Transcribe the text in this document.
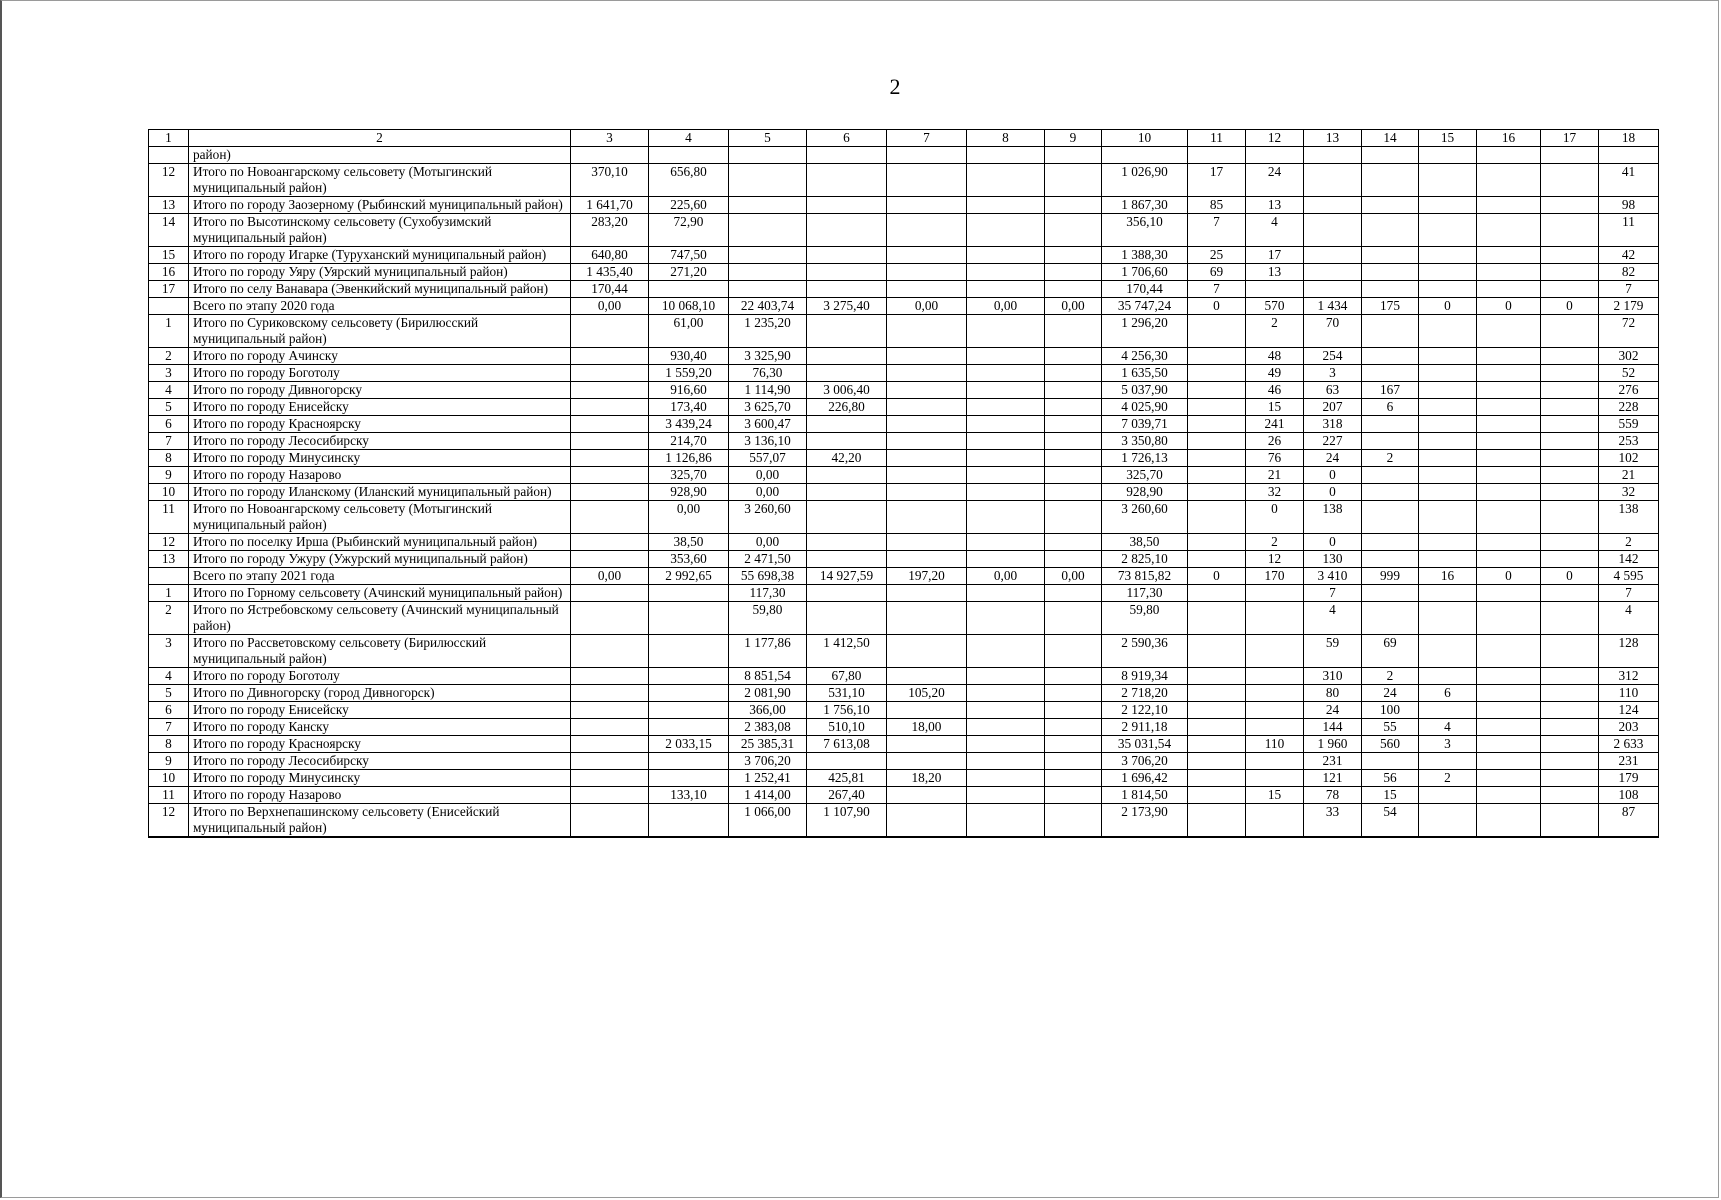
2
1	2	3	4	5	6	7	8	9	10	11	12	13	14	15	16	17	18
	район)																
12	Итого по Новоангарскому сельсовету (Мотыгинский муниципальный район)	370,10	656,80						1 026,90	17	24						41
13	Итого по городу Заозерному (Рыбинский муниципальный район)	1 641,70	225,60						1 867,30	85	13						98
14	Итого по Высотинскому сельсовету (Сухобузимский муниципальный район)	283,20	72,90						356,10	7	4						11
15	Итого по городу Игарке (Туруханский муниципальный район)	640,80	747,50						1 388,30	25	17						42
16	Итого по городу Уяру (Уярский муниципальный район)	1 435,40	271,20						1 706,60	69	13						82
17	Итого по селу Ванавара (Эвенкийский муниципальный район)	170,44							170,44	7							7
	Всего по этапу 2020 года	0,00	10 068,10	22 403,74	3 275,40	0,00	0,00	0,00	35 747,24	0	570	1 434	175	0	0	0	2 179
1	Итого по Суриковскому сельсовету (Бирилюсский муниципальный район)		61,00	1 235,20					1 296,20		2	70					72
2	Итого по городу Ачинску		930,40	3 325,90					4 256,30		48	254					302
3	Итого по городу Боготолу		1 559,20	76,30					1 635,50		49	3					52
4	Итого по городу Дивногорску		916,60	1 114,90	3 006,40				5 037,90		46	63	167				276
5	Итого по городу Енисейску		173,40	3 625,70	226,80				4 025,90		15	207	6				228
6	Итого по городу Красноярску		3 439,24	3 600,47					7 039,71		241	318					559
7	Итого по городу Лесосибирску		214,70	3 136,10					3 350,80		26	227					253
8	Итого по городу Минусинску		1 126,86	557,07	42,20				1 726,13		76	24	2				102
9	Итого по городу Назарово		325,70	0,00					325,70		21	0					21
10	Итого по городу Иланскому (Иланский муниципальный район)		928,90	0,00					928,90		32	0					32
11	Итого по Новоангарскому сельсовету (Мотыгинский муниципальный район)		0,00	3 260,60					3 260,60		0	138					138
12	Итого по поселку Ирша (Рыбинский муниципальный район)		38,50	0,00					38,50		2	0					2
13	Итого по городу Ужуру (Ужурский муниципальный район)		353,60	2 471,50					2 825,10		12	130					142
	Всего по этапу 2021 года	0,00	2 992,65	55 698,38	14 927,59	197,20	0,00	0,00	73 815,82	0	170	3 410	999	16	0	0	4 595
1	Итого по Горному сельсовету (Ачинский муниципальный район)			117,30					117,30			7					7
2	Итого по Ястребовскому сельсовету (Ачинский муниципальный район)			59,80					59,80			4					4
3	Итого по Рассветовскому сельсовету (Бирилюсский муниципальный район)			1 177,86	1 412,50				2 590,36			59	69				128
4	Итого по городу Боготолу			8 851,54	67,80				8 919,34			310	2				312
5	Итого по Дивногорску (город Дивногорск)			2 081,90	531,10	105,20			2 718,20			80	24	6			110
6	Итого по городу Енисейску			366,00	1 756,10				2 122,10			24	100				124
7	Итого по городу Канску			2 383,08	510,10	18,00			2 911,18			144	55	4			203
8	Итого по городу Красноярску		2 033,15	25 385,31	7 613,08				35 031,54		110	1 960	560	3			2 633
9	Итого по городу Лесосибирску			3 706,20					3 706,20			231					231
10	Итого по городу Минусинску			1 252,41	425,81	18,20			1 696,42			121	56	2			179
11	Итого по городу Назарово		133,10	1 414,00	267,40				1 814,50		15	78	15				108
12	Итого по Верхнепашинскому сельсовету (Енисейский муниципальный район)			1 066,00	1 107,90				2 173,90			33	54				87
